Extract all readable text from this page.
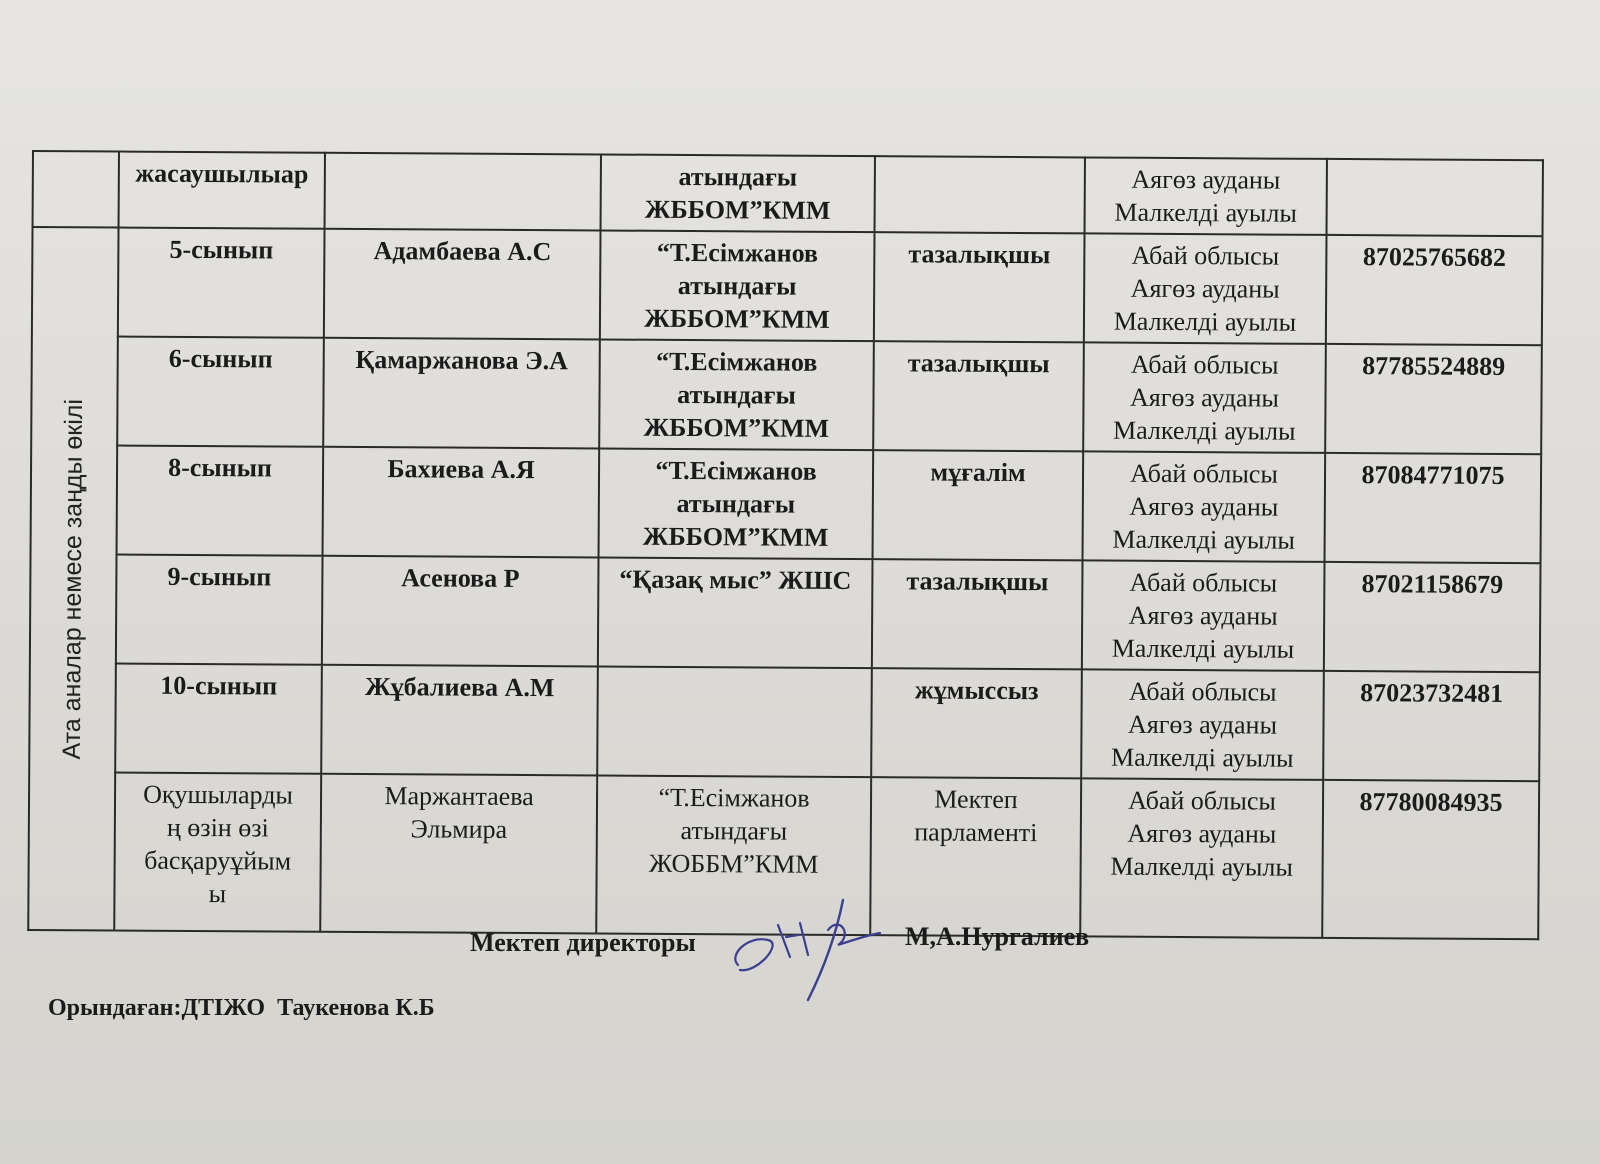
	жасаушылыар		атындағы
ЖББОМ”КММ		Аягөз ауданы
Малкелді ауылы	

Ата аналар немесе заңды өкілі	5-сынып	Адамбаева А.С	“Т.Есімжанов
атындағы
ЖББОМ”КММ	тазалықшы	Абай облысы
Аягөз ауданы
Малкелді ауылы	87025765682
	6-сынып	Қамаржанова Э.А	“Т.Есімжанов
атындағы
ЖББОМ”КММ	тазалықшы	Абай облысы
Аягөз ауданы
Малкелді ауылы	87785524889
	8-сынып	Бахиева А.Я	“Т.Есімжанов
атындағы
ЖББОМ”КММ	мұғалім	Абай облысы
Аягөз ауданы
Малкелді ауылы	87084771075
	9-сынып	Асенова Р	“Қазақ мыс” ЖШС	тазалықшы	Абай облысы
Аягөз ауданы
Малкелді ауылы	87021158679
	10-сынып	Жұбалиева А.М		жұмыссыз	Абай облысы
Аягөз ауданы
Малкелді ауылы	87023732481

	Оқушыларды
ң өзін өзі
басқаруұйым
ы	Маржантаева
Эльмира	“Т.Есімжанов
атындағы
ЖОББМ”КММ	Мектеп
парламенті	Абай облысы
Аягөз ауданы
Малкелді ауылы	87780084935
Мектеп директоры	М,А.Нургалиев
Орындаған:ДТІЖО  Таукенова К.Б
